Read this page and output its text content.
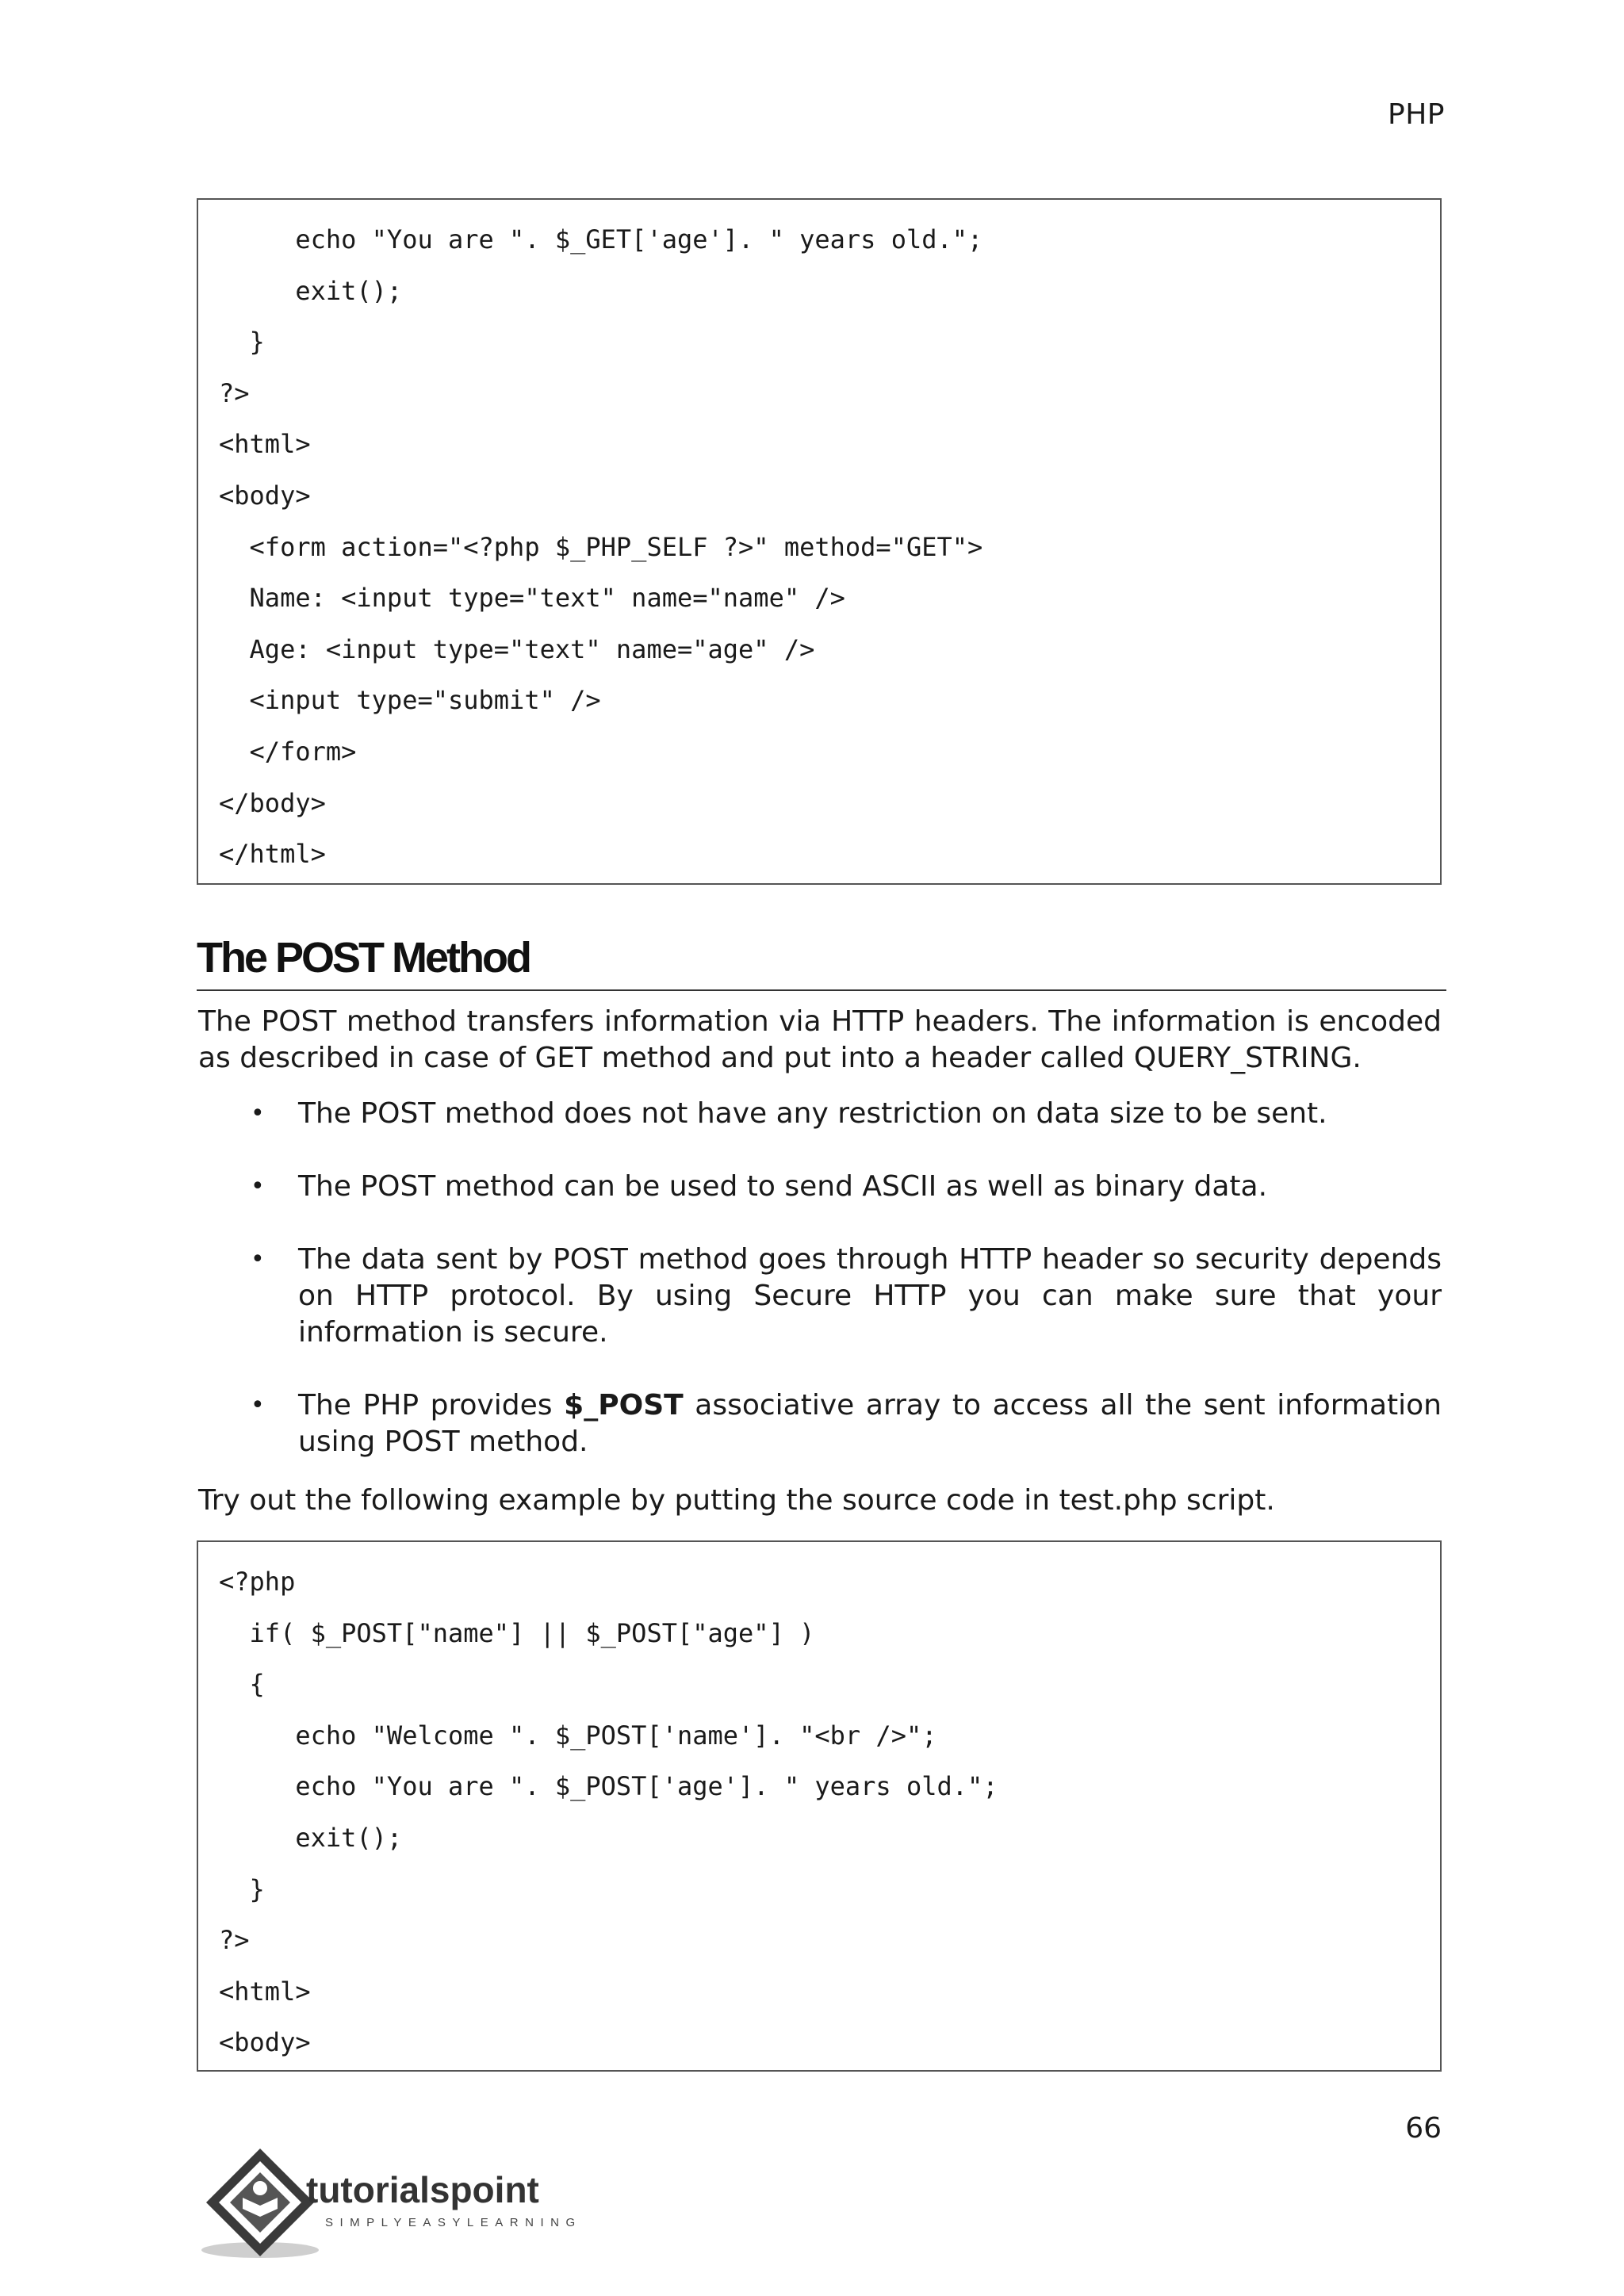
PHP
echo "You are ". $_GET['age']. " years old.";
exit();
}
?>
<html>
<body>
<form action="<?php $_PHP_SELF ?>" method="GET">
Name: <input type="text" name="name" />
Age: <input type="text" name="age" />
<input type="submit" />
</form>
</body>
</html>
The POST Method
The POST method transfers information via HTTP headers. The information is encoded as described in case of GET method and put into a header called QUERY_STRING.
• The POST method does not have any restriction on data size to be sent.
• The POST method can be used to send ASCII as well as binary data.
• The data sent by POST method goes through HTTP header so security depends on HTTP protocol. By using Secure HTTP you can make sure that your information is secure.
• The PHP provides $_POST associative array to access all the sent information using POST method.
Try out the following example by putting the source code in test.php script.
<?php
if( $_POST["name"] || $_POST["age"] )
{
echo "Welcome ". $_POST['name']. "<br />";
echo "You are ". $_POST['age']. " years old.";
exit();
}
?>
<html>
<body>
66
tutorialspoint
SIMPLYEASYLEARNING
